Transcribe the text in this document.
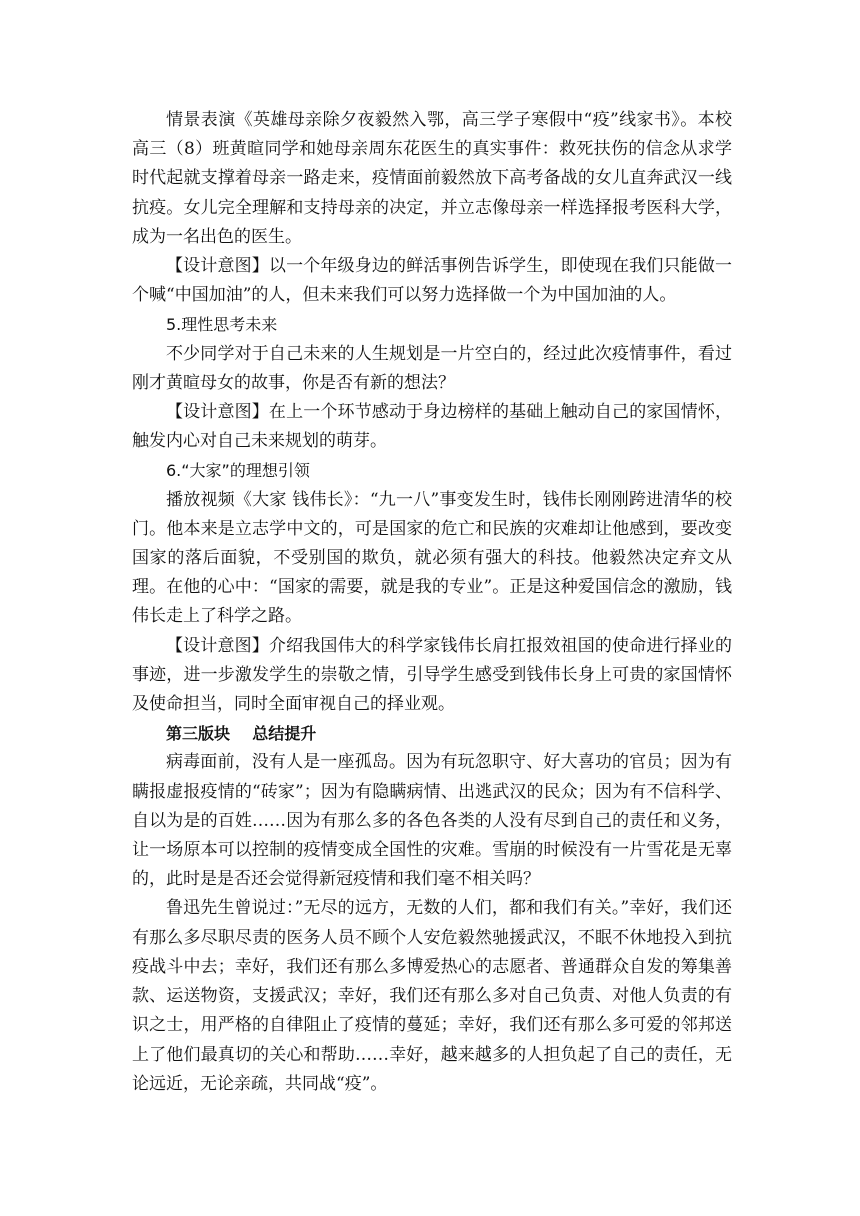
情景表演《英雄母亲除夕夜毅然入鄂，高三学子寒假中“疫”线家书》。本校高三（8）班黄暄同学和她母亲周东花医生的真实事件：救死扶伤的信念从求学时代起就支撑着母亲一路走来，疫情面前毅然放下高考备战的女儿直奔武汉一线抗疫。女儿完全理解和支持母亲的决定，并立志像母亲一样选择报考医科大学，成为一名出色的医生。

【设计意图】以一个年级身边的鲜活事例告诉学生，即使现在我们只能做一个喊“中国加油”的人，但未来我们可以努力选择做一个为中国加油的人。

5.理性思考未来

不少同学对于自己未来的人生规划是一片空白的，经过此次疫情事件，看过刚才黄暄母女的故事，你是否有新的想法？

【设计意图】在上一个环节感动于身边榜样的基础上触动自己的家国情怀，触发内心对自己未来规划的萌芽。

6.“大家”的理想引领

播放视频《大家 钱伟长》：“九一八”事变发生时，钱伟长刚刚跨进清华的校门。他本来是立志学中文的，可是国家的危亡和民族的灾难却让他感到，要改变国家的落后面貌，不受别国的欺负，就必须有强大的科技。他毅然决定弃文从理。在他的心中：“国家的需要，就是我的专业”。正是这种爱国信念的激励，钱伟长走上了科学之路。

【设计意图】介绍我国伟大的科学家钱伟长肩扛报效祖国的使命进行择业的事迹，进一步激发学生的崇敬之情，引导学生感受到钱伟长身上可贵的家国情怀及使命担当，同时全面审视自己的择业观。

第三版块    总结提升

病毒面前，没有人是一座孤岛。因为有玩忽职守、好大喜功的官员；因为有瞒报虚报疫情的“砖家”；因为有隐瞒病情、出逃武汉的民众；因为有不信科学、自以为是的百姓……因为有那么多的各色各类的人没有尽到自己的责任和义务，让一场原本可以控制的疫情变成全国性的灾难。雪崩的时候没有一片雪花是无辜的，此时是是否还会觉得新冠疫情和我们毫不相关吗？

鲁迅先生曾说过：”无尽的远方，无数的人们，都和我们有关。”幸好，我们还有那么多尽职尽责的医务人员不顾个人安危毅然驰援武汉，不眠不休地投入到抗疫战斗中去；幸好，我们还有那么多博爱热心的志愿者、普通群众自发的筹集善款、运送物资，支援武汉；幸好，我们还有那么多对自己负责、对他人负责的有识之士，用严格的自律阻止了疫情的蔓延；幸好，我们还有那么多可爱的邻邦送上了他们最真切的关心和帮助……幸好，越来越多的人担负起了自己的责任，无论远近，无论亲疏，共同战“疫”。
